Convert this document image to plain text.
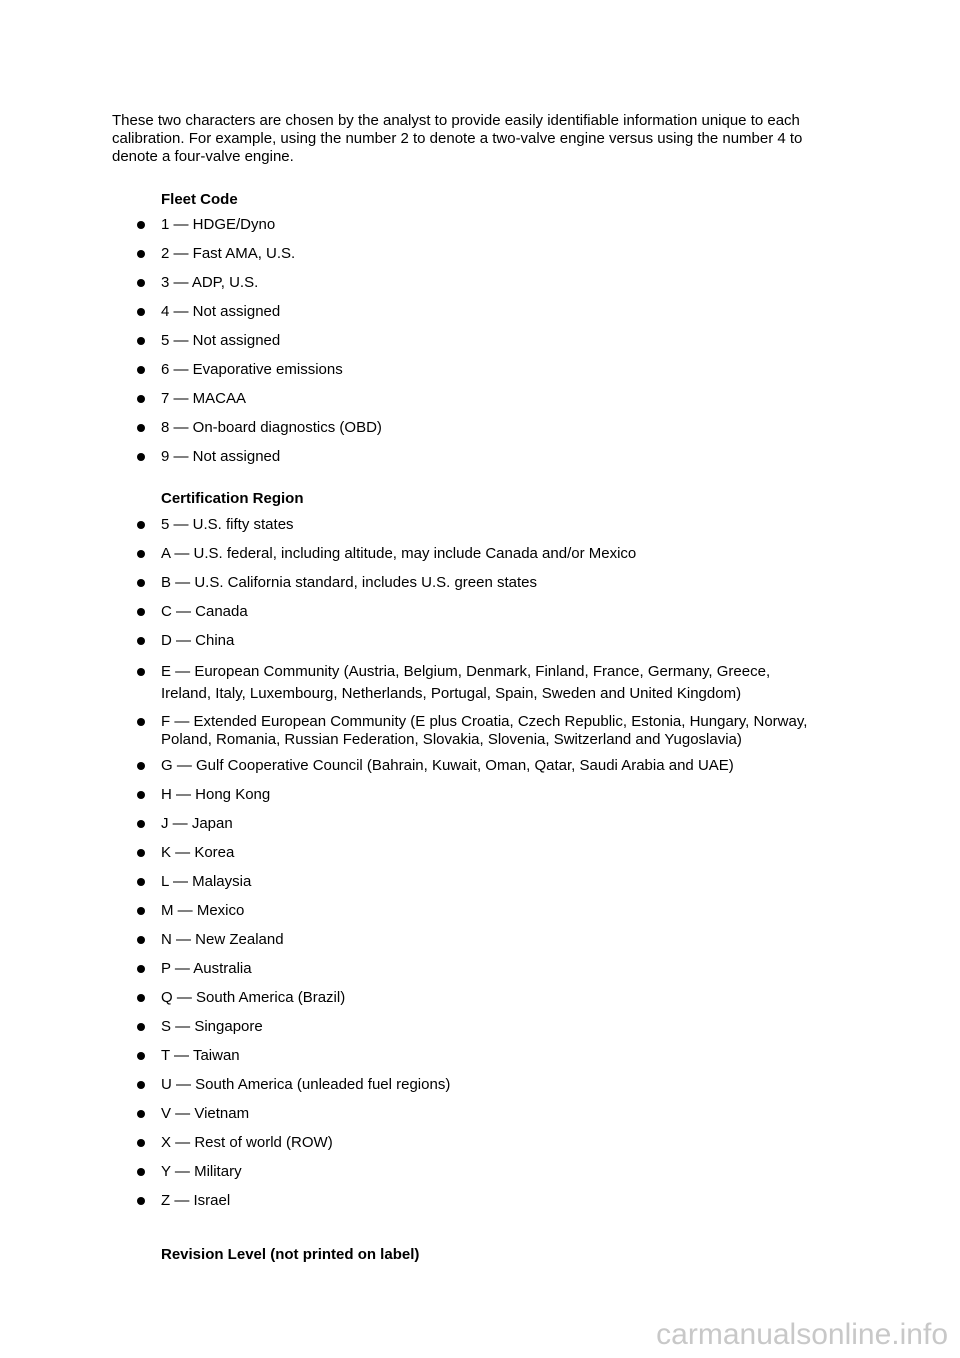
These two characters are chosen by the analyst to provide easily identifiable information unique to each calibration. For example, using the number 2 to denote a two-valve engine versus using the number 4 to denote a four-valve engine.

Fleet Code

1 — HDGE/Dyno
2 — Fast AMA, U.S.
3 — ADP, U.S.
4 — Not assigned
5 — Not assigned
6 — Evaporative emissions
7 — MACAA
8 — On-board diagnostics (OBD)
9 — Not assigned

Certification Region

5 — U.S. fifty states
A — U.S. federal, including altitude, may include Canada and/or Mexico
B — U.S. California standard, includes U.S. green states
C — Canada
D — China
E — European Community (Austria, Belgium, Denmark, Finland, France, Germany, Greece, Ireland, Italy, Luxembourg, Netherlands, Portugal, Spain, Sweden and United Kingdom)
F — Extended European Community (E plus Croatia, Czech Republic, Estonia, Hungary, Norway, Poland, Romania, Russian Federation, Slovakia, Slovenia, Switzerland and Yugoslavia)
G — Gulf Cooperative Council (Bahrain, Kuwait, Oman, Qatar, Saudi Arabia and UAE)
H — Hong Kong
J — Japan
K — Korea
L — Malaysia
M — Mexico
N — New Zealand
P — Australia
Q — South America (Brazil)
S — Singapore
T — Taiwan
U — South America (unleaded fuel regions)
V — Vietnam
X — Rest of world (ROW)
Y — Military
Z — Israel

Revision Level (not printed on label)

carmanualsonline.info
